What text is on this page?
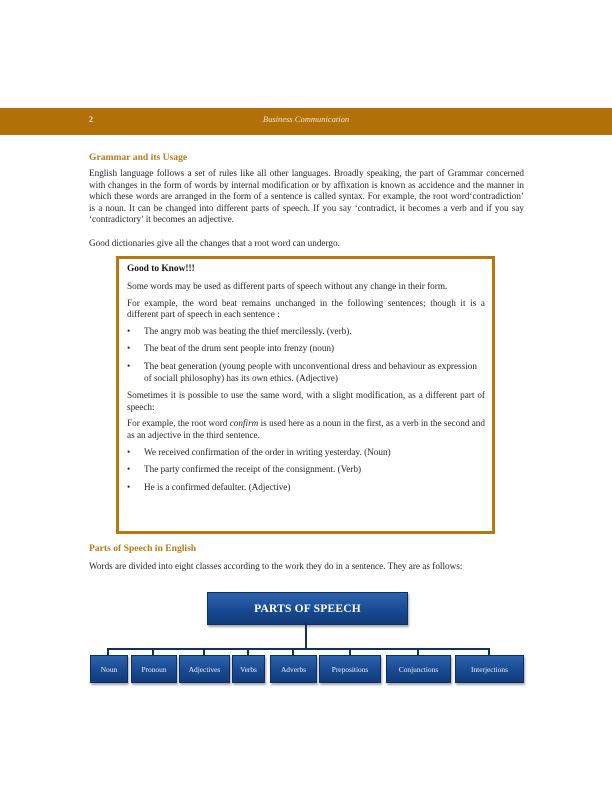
2	Business Communication
Grammar and its Usage

English language follows a set of rules like all other languages. Broadly speaking, the part of Grammar concerned with changes in the form of words by internal modification or by affixation is known as accidence and the manner in which these words are arranged in the form of a sentence is called syntax. For example, the root word‘contradiction’ is a noun. It can be changed into different parts of speech. If you say ‘contradict, it becomes a verb and if you say ‘contradictory’ it becomes an adjective.

Good dictionaries give all the changes that a root word can undergo.

Good to Know!!!

Some words may be used as different parts of speech without any change in their form.

For example, the word beat remains unchanged in the following sentences; though it is a different part of speech in each sentence :

• The angry mob was beating the thief mercilessly. (verb).
• The beat of the drum sent people into frenzy (noun)
• The beat generation (young people with unconventional dress and behaviour as expression of sociall philosophy) has its own ethics. (Adjective)

Sometimes it is possible to use the same word, with a slight modification, as a different part of speech:

For example, the root word confirm is used here as a noun in the first, as a verb in the second and as an adjective in the third sentence.

• We received confirmation of the order in writing yesterday. (Noun)
• The party confirmed the receipt of the consignment. (Verb)
• He is a confirmed defaulter. (Adjective)
Parts of Speech in English

Words are divided into eight classes according to the work they do in a sentence. They are as follows:

PARTS OF SPEECH
Noun	Pronoun	Adjectives	Verbs	Adverbs	Prepositions	Conjunctions	Interjections
